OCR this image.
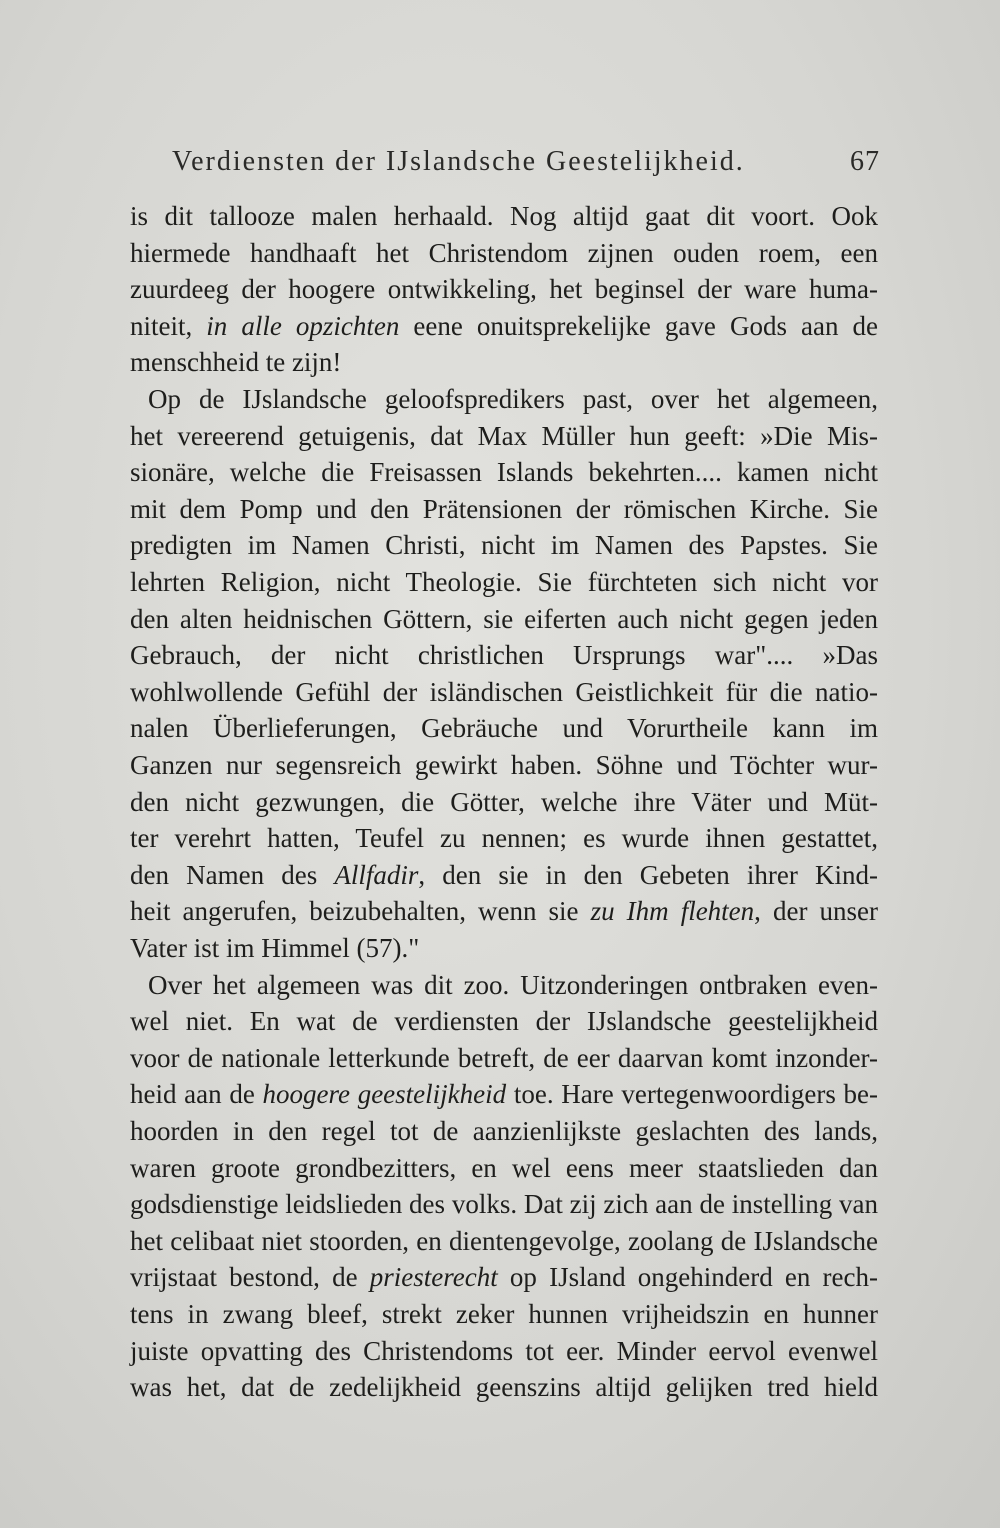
Verdiensten der IJslandsche Geestelijkheid.	67
is dit tallooze malen herhaald. Nog altijd gaat dit voort. Ook
hiermede handhaaft het Christendom zijnen ouden roem, een
zuurdeeg der hoogere ontwikkeling, het beginsel der ware huma-
niteit, in alle opzichten eene onuitsprekelijke gave Gods aan de
menschheid te zijn!
Op de IJslandsche geloofspredikers past, over het algemeen,
het vereerend getuigenis, dat Max Müller hun geeft: »Die Mis-
sionäre, welche die Freisassen Islands bekehrten.... kamen nicht
mit dem Pomp und den Prätensionen der römischen Kirche. Sie
predigten im Namen Christi, nicht im Namen des Papstes. Sie
lehrten Religion, nicht Theologie. Sie fürchteten sich nicht vor
den alten heidnischen Göttern, sie eiferten auch nicht gegen jeden
Gebrauch, der nicht christlichen Ursprungs war".... »Das
wohlwollende Gefühl der isländischen Geistlichkeit für die natio-
nalen Überlieferungen, Gebräuche und Vorurtheile kann im
Ganzen nur segensreich gewirkt haben. Söhne und Töchter wur-
den nicht gezwungen, die Götter, welche ihre Väter und Müt-
ter verehrt hatten, Teufel zu nennen; es wurde ihnen gestattet,
den Namen des Allfadir, den sie in den Gebeten ihrer Kind-
heit angerufen, beizubehalten, wenn sie zu Ihm flehten, der unser
Vater ist im Himmel (57)."
Over het algemeen was dit zoo. Uitzonderingen ontbraken even-
wel niet. En wat de verdiensten der IJslandsche geestelijkheid
voor de nationale letterkunde betreft, de eer daarvan komt inzonder-
heid aan de hoogere geestelijkheid toe. Hare vertegenwoordigers be-
hoorden in den regel tot de aanzienlijkste geslachten des lands,
waren groote grondbezitters, en wel eens meer staatslieden dan
godsdienstige leidslieden des volks. Dat zij zich aan de instelling van
het celibaat niet stoorden, en dientengevolge, zoolang de IJslandsche
vrijstaat bestond, de priesterecht op IJsland ongehinderd en rech-
tens in zwang bleef, strekt zeker hunnen vrijheidszin en hunner
juiste opvatting des Christendoms tot eer. Minder eervol evenwel
was het, dat de zedelijkheid geenszins altijd gelijken tred hield
